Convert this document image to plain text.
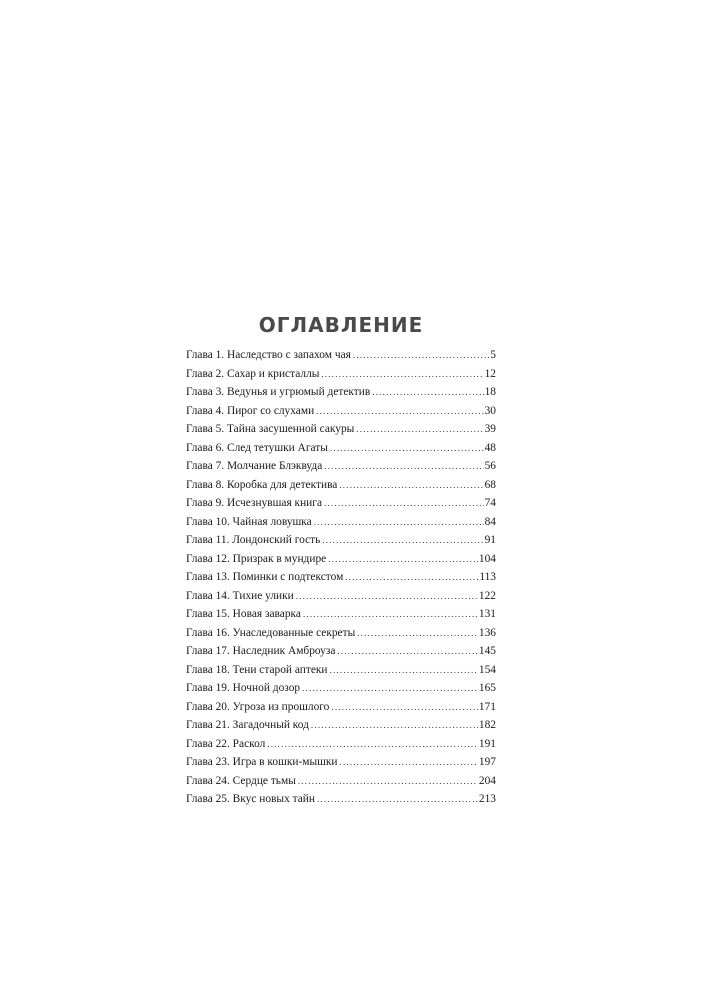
ОГЛАВЛЕНИЕ
Глава 1. Наследство с запахом чая .....	5
Глава 2. Сахар и кристаллы .....	12
Глава 3. Ведунья и угрюмый детектив .....	18
Глава 4. Пирог со слухами .....	30
Глава 5. Тайна засушенной сакуры .....	39
Глава 6. След тетушки Агаты .....	48
Глава 7. Молчание Блэквуда .....	56
Глава 8. Коробка для детектива .....	68
Глава 9. Исчезнувшая книга .....	74
Глава 10. Чайная ловушка .....	84
Глава 11. Лондонский гость .....	91
Глава 12. Призрак в мундире .....	104
Глава 13. Поминки с подтекстом .....	113
Глава 14. Тихие улики .....	122
Глава 15. Новая заварка .....	131
Глава 16. Унаследованные секреты .....	136
Глава 17. Наследник Амброуза .....	145
Глава 18. Тени старой аптеки .....	154
Глава 19. Ночной дозор .....	165
Глава 20. Угроза из прошлого .....	171
Глава 21. Загадочный код .....	182
Глава 22. Раскол .....	191
Глава 23. Игра в кошки-мышки .....	197
Глава 24. Сердце тьмы .....	204
Глава 25. Вкус новых тайн .....	213
